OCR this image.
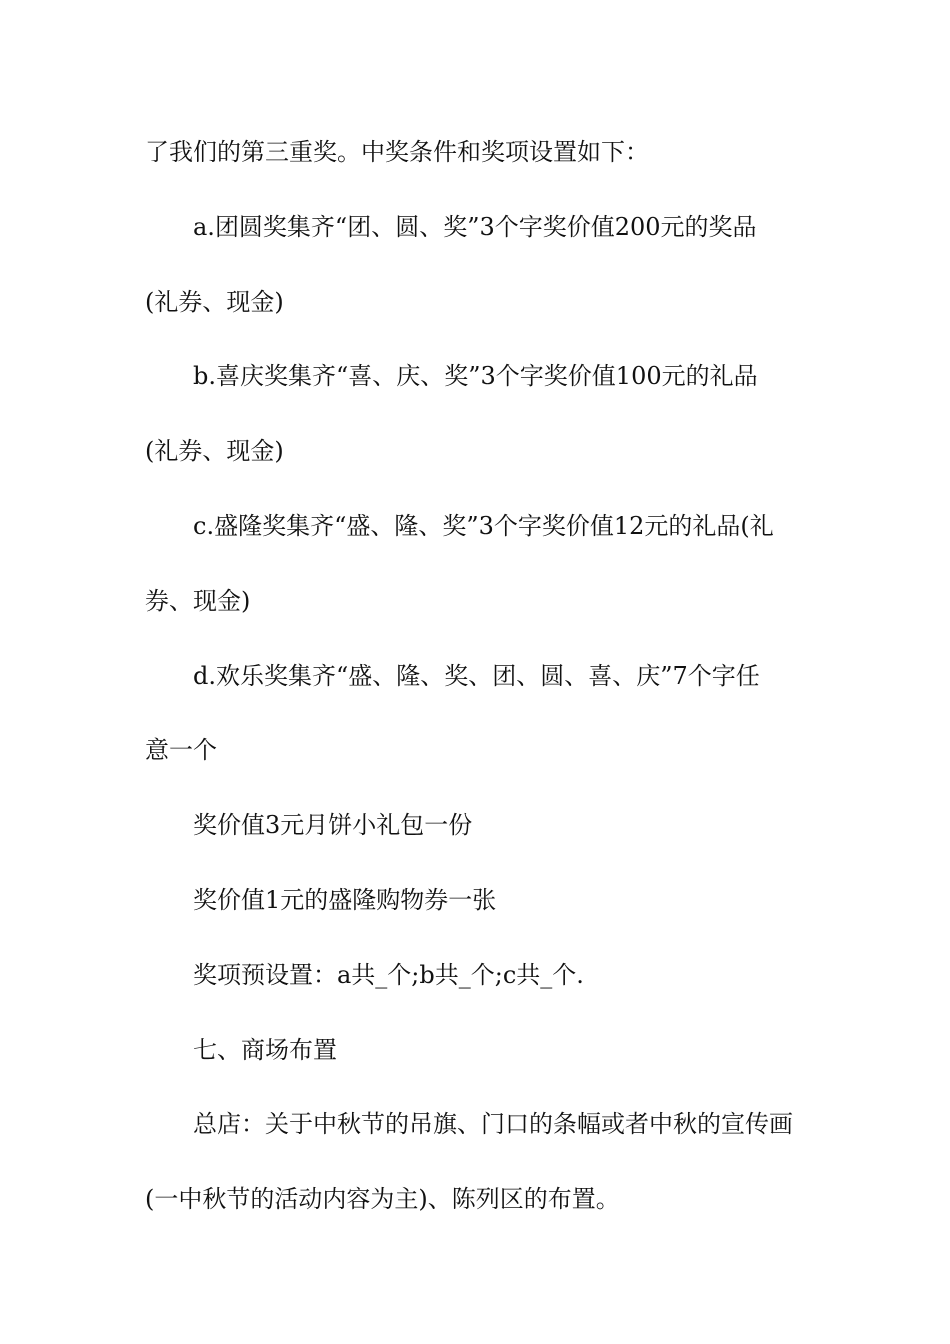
了我们的第三重奖。中奖条件和奖项设置如下：
a.团圆奖集齐“团、圆、奖”3个字奖价值200元的奖品
(礼券、现金)
b.喜庆奖集齐“喜、庆、奖”3个字奖价值100元的礼品
(礼券、现金)
c.盛隆奖集齐“盛、隆、奖”3个字奖价值12元的礼品(礼
券、现金)
d.欢乐奖集齐“盛、隆、奖、团、圆、喜、庆”7个字任
意一个
奖价值3元月饼小礼包一份
奖价值1元的盛隆购物券一张
奖项预设置：a共_个;b共_个;c共_个.
七、商场布置
总店：关于中秋节的吊旗、门口的条幅或者中秋的宣传画
(一中秋节的活动内容为主)、陈列区的布置。
